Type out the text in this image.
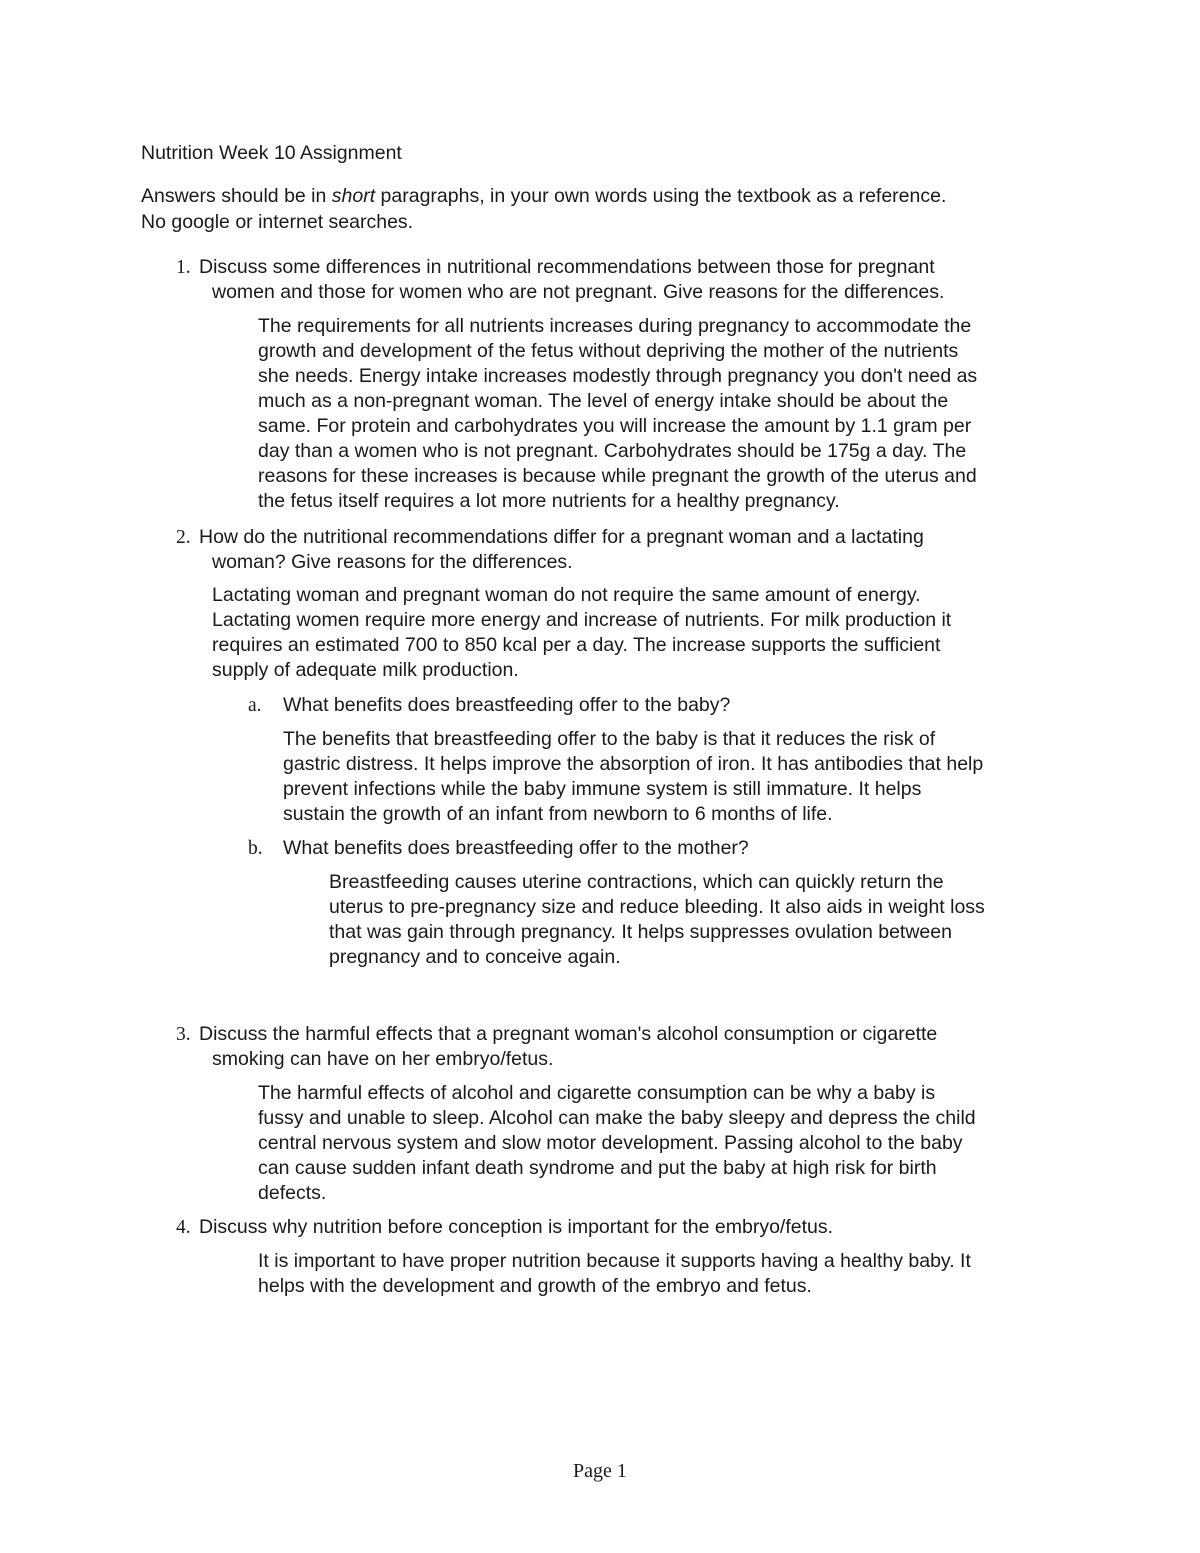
Nutrition Week 10 Assignment
Answers should be in short paragraphs, in your own words using the textbook as a reference.
No google or internet searches.
1. Discuss some differences in nutritional recommendations between those for pregnant
women and those for women who are not pregnant. Give reasons for the differences.
The requirements for all nutrients increases during pregnancy to accommodate the
growth and development of the fetus without depriving the mother of the nutrients
she needs. Energy intake increases modestly through pregnancy you don't need as
much as a non-pregnant woman. The level of energy intake should be about the
same. For protein and carbohydrates you will increase the amount by 1.1 gram per
day than a women who is not pregnant. Carbohydrates should be 175g a day. The
reasons for these increases is because while pregnant the growth of the uterus and
the fetus itself requires a lot more nutrients for a healthy pregnancy.
2. How do the nutritional recommendations differ for a pregnant woman and a lactating
woman? Give reasons for the differences.
Lactating woman and pregnant woman do not require the same amount of energy.
Lactating women require more energy and increase of nutrients. For milk production it
requires an estimated 700 to 850 kcal per a day. The increase supports the sufficient
supply of adequate milk production.
a. What benefits does breastfeeding offer to the baby?
The benefits that breastfeeding offer to the baby is that it reduces the risk of
gastric distress. It helps improve the absorption of iron. It has antibodies that help
prevent infections while the baby immune system is still immature. It helps
sustain the growth of an infant from newborn to 6 months of life.
b. What benefits does breastfeeding offer to the mother?
Breastfeeding causes uterine contractions, which can quickly return the
uterus to pre-pregnancy size and reduce bleeding. It also aids in weight loss
that was gain through pregnancy. It helps suppresses ovulation between
pregnancy and to conceive again.
3. Discuss the harmful effects that a pregnant woman's alcohol consumption or cigarette
smoking can have on her embryo/fetus.
The harmful effects of alcohol and cigarette consumption can be why a baby is
fussy and unable to sleep. Alcohol can make the baby sleepy and depress the child
central nervous system and slow motor development. Passing alcohol to the baby
can cause sudden infant death syndrome and put the baby at high risk for birth
defects.
4. Discuss why nutrition before conception is important for the embryo/fetus.
It is important to have proper nutrition because it supports having a healthy baby. It
helps with the development and growth of the embryo and fetus.
Page 1
